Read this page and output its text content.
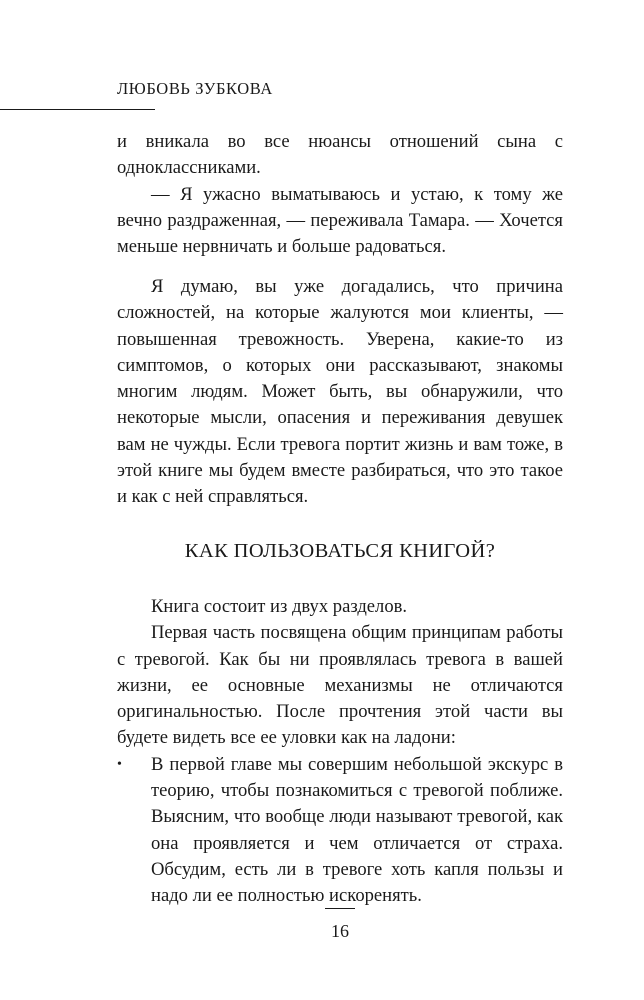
ЛЮБОВЬ ЗУБКОВА

и вникала во все нюансы отношений сына с одноклассниками.

— Я ужасно выматываюсь и устаю, к тому же вечно раздраженная, — переживала Тамара. — Хочется меньше нервничать и больше радоваться.

Я думаю, вы уже догадались, что причина сложностей, на которые жалуются мои клиенты, — повышенная тревожность. Уверена, какие-то из симптомов, о которых они рассказывают, знакомы многим людям. Может быть, вы обнаружили, что некоторые мысли, опасения и переживания девушек вам не чужды. Если тревога портит жизнь и вам тоже, в этой книге мы будем вместе разбираться, что это такое и как с ней справляться.

КАК ПОЛЬЗОВАТЬСЯ КНИГОЙ?

Книга состоит из двух разделов.

Первая часть посвящена общим принципам работы с тревогой. Как бы ни проявлялась тревога в вашей жизни, ее основные механизмы не отличаются оригинальностью. После прочтения этой части вы будете видеть все ее уловки как на ладони:

• В первой главе мы совершим небольшой экскурс в теорию, чтобы познакомиться с тревогой поближе. Выясним, что вообще люди называют тревогой, как она проявляется и чем отличается от страха. Обсудим, есть ли в тревоге хоть капля пользы и надо ли ее полностью искоренять.
16
